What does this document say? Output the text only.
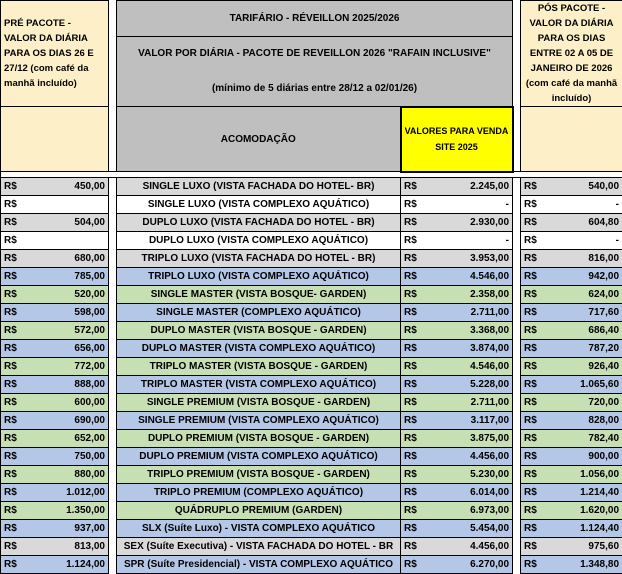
PRÉ PACOTE - VALOR DA DIÁRIA PARA OS DIAS 26 E 27/12 (com café da manhã incluído)		TARIFÁRIO - RÉVEILLON 2025/2026			PÓS PACOTE - VALOR DA DIÁRIA PARA OS DIAS ENTRE 02 A 05 DE JANEIRO DE 2026 (com café da manhã incluído)
		VALOR POR DIÁRIA - PACOTE DE REVEILLON 2026 "RAFAIN INCLUSIVE"			
		(mínimo de 5 diárias entre 28/12 a 02/01/26)			
		ACOMODAÇÃO	VALORES PARA VENDA SITE 2025		

R$ 450,00		SINGLE LUXO (VISTA FACHADA DO HOTEL- BR)	R$ 2.245,00		R$ 540,00

R$		SINGLE LUXO (VISTA COMPLEXO AQUÁTICO)	R$ -		R$ -

R$ 504,00		DUPLO LUXO (VISTA FACHADA DO HOTEL - BR)	R$ 2.930,00		R$ 604,80

R$		DUPLO LUXO (VISTA COMPLEXO AQUÁTICO)	R$ -		R$ -

R$ 680,00		TRIPLO LUXO (VISTA FACHADA DO HOTEL - BR)	R$ 3.953,00		R$ 816,00

R$ 785,00		TRIPLO LUXO (VISTA COMPLEXO AQUÁTICO)	R$ 4.546,00		R$ 942,00

R$ 520,00		SINGLE MASTER (VISTA BOSQUE- GARDEN)	R$ 2.358,00		R$ 624,00

R$ 598,00		SINGLE MASTER (COMPLEXO AQUÁTICO)	R$ 2.711,00		R$ 717,60

R$ 572,00		DUPLO MASTER (VISTA BOSQUE - GARDEN)	R$ 3.368,00		R$ 686,40

R$ 656,00		DUPLO MASTER (VISTA COMPLEXO AQUÁTICO)	R$ 3.874,00		R$ 787,20

R$ 772,00		TRIPLO MASTER (VISTA BOSQUE - GARDEN)	R$ 4.546,00		R$ 926,40

R$ 888,00		TRIPLO MASTER (VISTA COMPLEXO AQUÁTICO)	R$ 5.228,00		R$ 1.065,60

R$ 600,00		SINGLE PREMIUM (VISTA BOSQUE - GARDEN)	R$ 2.711,00		R$ 720,00

R$ 690,00		SINGLE PREMIUM (VISTA COMPLEXO AQUÁTICO)	R$ 3.117,00		R$ 828,00

R$ 652,00		DUPLO PREMIUM (VISTA BOSQUE - GARDEN)	R$ 3.875,00		R$ 782,40

R$ 750,00		DUPLO PREMIUM (VISTA COMPLEXO AQUÁTICO)	R$ 4.456,00		R$ 900,00

R$ 880,00		TRIPLO PREMIUM (VISTA BOSQUE - GARDEN)	R$ 5.230,00		R$ 1.056,00

R$ 1.012,00		TRIPLO PREMIUM (COMPLEXO AQUÁTICO)	R$ 6.014,00		R$ 1.214,40

R$ 1.350,00		QUÁDRUPLO PREMIUM (GARDEN)	R$ 6.973,00		R$ 1.620,00

R$ 937,00		SLX (Suíte Luxo) - VISTA COMPLEXO AQUÁTICO	R$ 5.454,00		R$ 1.124,40

R$ 813,00		SEX (Suíte Executiva) - VISTA FACHADA DO HOTEL - BR	R$ 4.456,00		R$ 975,60

R$ 1.124,00		SPR (Suíte Presidencial) - VISTA COMPLEXO AQUÁTICO	R$ 6.270,00		R$ 1.348,80
